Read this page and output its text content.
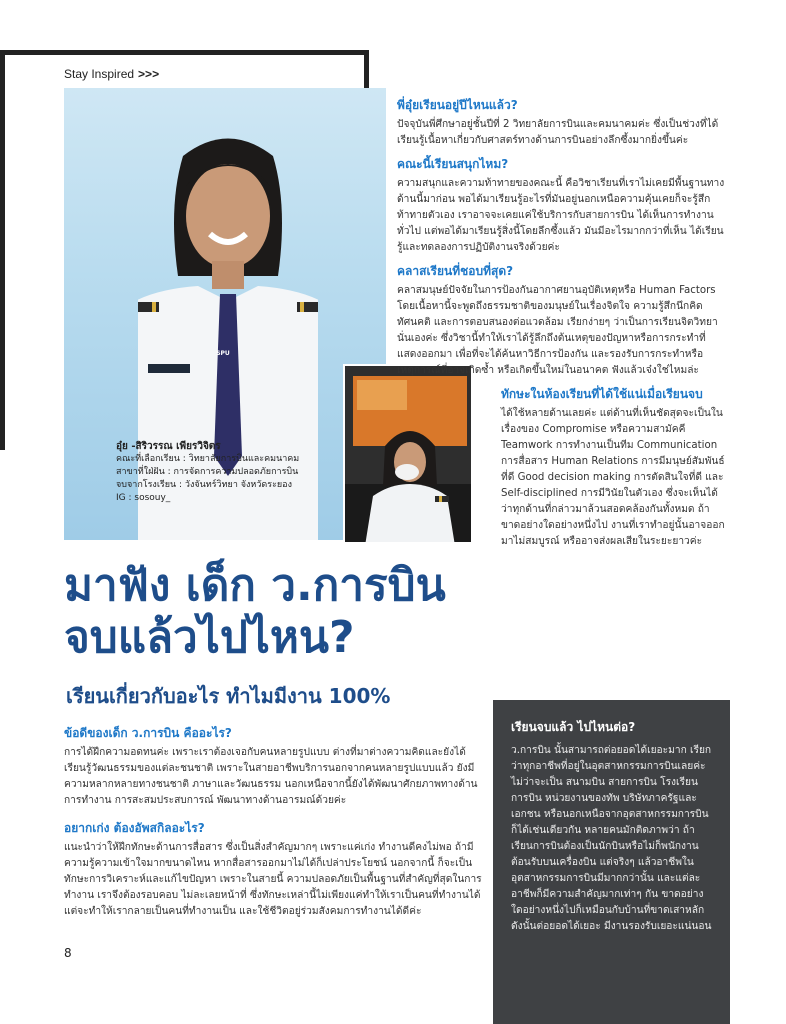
Stay Inspired >>>
SPU
อุ๋ย -สิริวรรณ เพียรวิจิตร
คณะที่เลือกเรียน : วิทยาลัยการบินและคมนาคม
สาขาที่ใฝ่ฝัน : การจัดการความปลอดภัยการบิน
จบจากโรงเรียน : วังจันทร์วิทยา จังหวัดระยอง
IG : sosouy_
มาฟัง เด็ก ว.การบิน
จบแล้วไปไหน?
เรียนเกี่ยวกับอะไร ทำไมมีงาน 100%
พี่อุ๋ยเรียนอยู่ปีไหนแล้ว?
ปัจจุบันพี่ศึกษาอยู่ชั้นปีที่ 2 วิทยาลัยการบินและคมนาคมค่ะ ซึ่งเป็นช่วงที่ได้เรียนรู้เนื้อหาเกี่ยวกับศาสตร์ทางด้านการบินอย่างลึกซึ้งมากยิ่งขึ้นค่ะ
คณะนี้เรียนสนุกไหม?
ความสนุกและความท้าทายของคณะนี้ คือวิชาเรียนที่เราไม่เคยมีพื้นฐานทางด้านนี้มาก่อน พอได้มาเรียนรู้อะไรที่มันอยู่นอกเหนือความคุ้นเคยก็จะรู้สึกท้าทายตัวเอง เราอาจจะเคยแค่ใช้บริการกับสายการบิน ได้เห็นการทำงานทั่วไป แต่พอได้มาเรียนรู้สิ่งนี้โดยลึกซึ้งแล้ว มันมีอะไรมากกว่าที่เห็น ได้เรียนรู้และทดลองการปฏิบัติงานจริงด้วยค่ะ
คลาสเรียนที่ชอบที่สุด?
คลาสมนุษย์ปัจจัยในการป้องกันอากาศยานอุบัติเหตุหรือ Human Factors โดยเนื้อหานี้จะพูดถึงธรรมชาติของมนุษย์ในเรื่องจิตใจ ความรู้สึกนึกคิด ทัศนคติ และการตอบสนองต่อแวดล้อม เรียกง่ายๆ ว่าเป็นการเรียนจิตวิทยานั่นเองค่ะ ซึ่งวิชานี้ทำให้เราได้รู้ลึกถึงต้นเหตุของปัญหาหรือการกระทำที่แสดงออกมา เพื่อที่จะได้ค้นหาวิธีการป้องกัน และรองรับการกระทำหรือเหตุการณ์ที่อาจเกิดซ้ำ หรือเกิดขึ้นใหม่ในอนาคต ฟังแล้วเจ๋งใช่ไหมล่ะ
ทักษะในห้องเรียนที่ได้ใช้แน่เมื่อเรียนจบ
ได้ใช้หลายด้านเลยค่ะ แต่ด้านที่เห็นชัดสุดจะเป็นในเรื่องของ Compromise หรือความสามัคคี Teamwork การทำงานเป็นทีม Communication การสื่อสาร Human Relations การมีมนุษย์สัมพันธ์ที่ดี Good decision making การตัดสินใจที่ดี และ Self-disciplined การมีวินัยในตัวเอง ซึ่งจะเห็นได้ว่าทุกด้านที่กล่าวมาล้วนสอดคล้องกันทั้งหมด ถ้าขาดอย่างใดอย่างหนึ่งไป งานที่เราทำอยู่นั้นอาจออกมาไม่สมบูรณ์ หรืออาจส่งผลเสียในระยะยาวค่ะ
ข้อดีของเด็ก ว.การบิน คืออะไร?
การได้ฝึกความอดทนค่ะ เพราะเราต้องเจอกับคนหลายรูปแบบ ต่างที่มาต่างความคิดและยังได้เรียนรู้วัฒนธรรมของแต่ละชนชาติ เพราะในสายอาชีพบริการนอกจากคนหลายรูปแบบแล้ว ยังมีความหลากหลายทางชนชาติ ภาษาและวัฒนธรรม นอกเหนือจากนี้ยังได้พัฒนาศักยภาพทางด้านการทำงาน การสะสมประสบการณ์ พัฒนาทางด้านอารมณ์ด้วยค่ะ
อยากเก่ง ต้องอัพสกิลอะไร?
แนะนำว่าให้ฝึกทักษะด้านการสื่อสาร ซึ่งเป็นสิ่งสำคัญมากๆ เพราะแค่เก่ง ทำงานดีคงไม่พอ ถ้ามีความรู้ความเข้าใจมากขนาดไหน หากสื่อสารออกมาไม่ได้ก็เปล่าประโยชน์ นอกจากนี้ ก็จะเป็นทักษะการวิเคราะห์และแก้ไขปัญหา เพราะในสายนี้ ความปลอดภัยเป็นพื้นฐานที่สำคัญที่สุดในการทำงาน เราจึงต้องรอบคอบ ไม่ละเลยหน้าที่ ซึ่งทักษะเหล่านี้ไม่เพียงแค่ทำให้เราเป็นคนที่ทำงานได้ แต่จะทำให้เรากลายเป็นคนที่ทำงานเป็น และใช้ชีวิตอยู่ร่วมสังคมการทำงานได้ดีค่ะ
8
เรียนจบแล้ว ไปไหนต่อ?
ว.การบิน นั้นสามารถต่อยอดได้เยอะมาก เรียกว่าทุกอาชีพที่อยู่ในอุตสาหกรรมการบินเลยค่ะ ไม่ว่าจะเป็น สนามบิน สายการบิน โรงเรียนการบิน หน่วยงานของทัพ บริษัทภาครัฐและเอกชน หรือนอกเหนือจากอุตสาหกรรมการบินก็ได้เช่นเดียวกัน หลายคนมักติดภาพว่า ถ้าเรียนการบินต้องเป็นนักบินหรือไม่ก็พนักงานต้อนรับบนเครื่องบิน แต่จริงๆ แล้วอาชีพในอุตสาหกรรมการบินมีมากกว่านั้น และแต่ละอาชีพก็มีความสำคัญมากเท่าๆ กัน ขาดอย่างใดอย่างหนึ่งไปก็เหมือนกับบ้านที่ขาดเสาหลัก ดังนั้นต่อยอดได้เยอะ มีงานรองรับเยอะแน่นอน
